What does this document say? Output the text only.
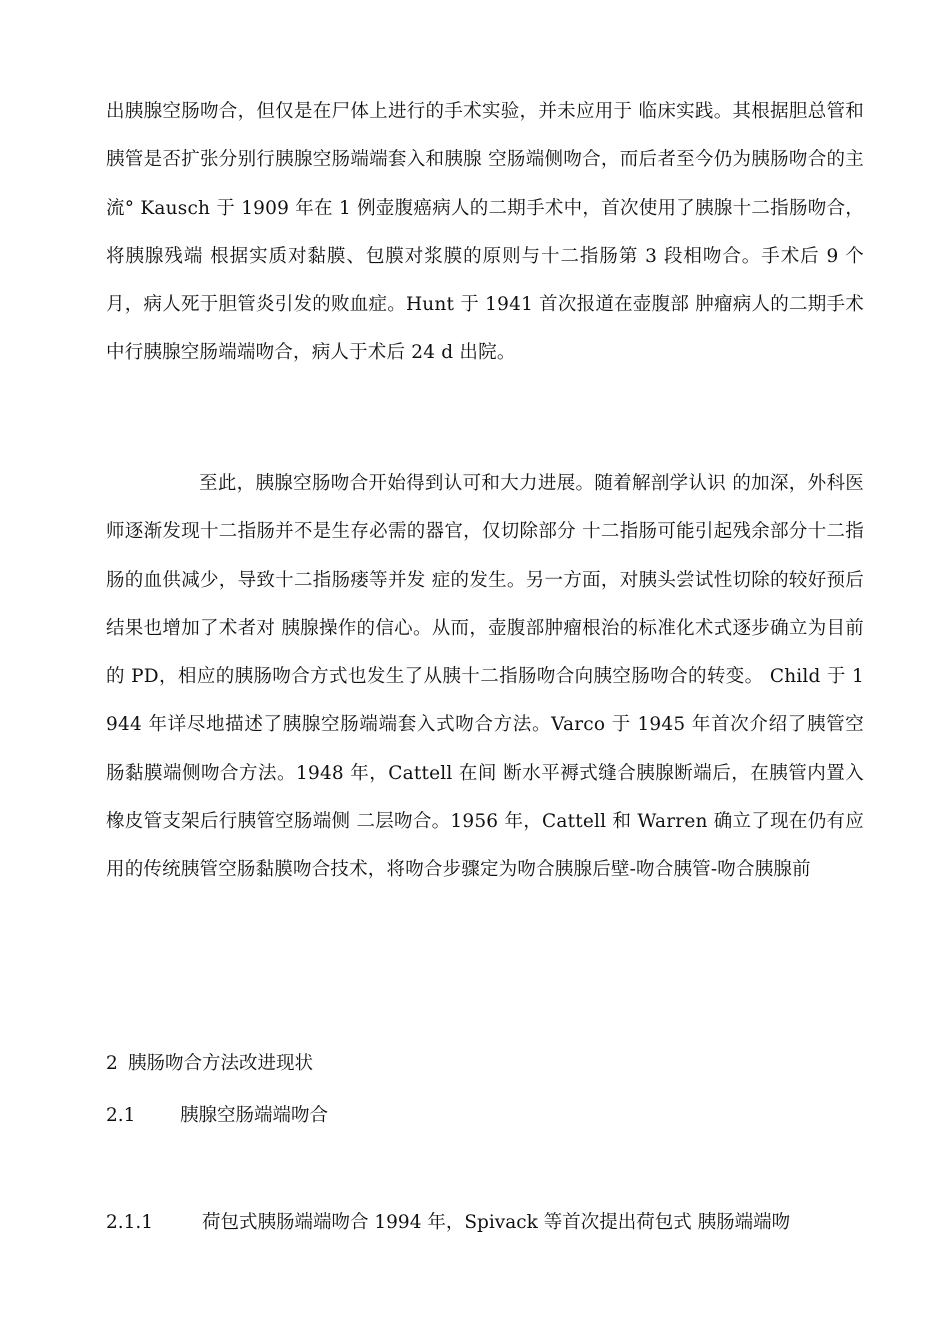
出胰腺空肠吻合，但仅是在尸体上进行的手术实验，并未应用于 临床实践。其根据胆总管和胰管是否扩张分别行胰腺空肠端端套入和胰腺 空肠端侧吻合，而后者至今仍为胰肠吻合的主流° Kausch 于 1909 年在 1 例壶腹癌病人的二期手术中，首次使用了胰腺十二指肠吻合，将胰腺残端 根据实质对黏膜、包膜对浆膜的原则与十二指肠第 3 段相吻合。手术后 9 个月，病人死于胆管炎引发的败血症。Hunt 于 1941 首次报道在壶腹部 肿瘤病人的二期手术中行胰腺空肠端端吻合，病人于术后 24 d 出院。

至此，胰腺空肠吻合开始得到认可和大力进展。随着解剖学认识 的加深，外科医师逐渐发现十二指肠并不是生存必需的器官，仅切除部分 十二指肠可能引起残余部分十二指肠的血供减少，导致十二指肠瘘等并发 症的发生。另一方面，对胰头尝试性切除的较好预后结果也增加了术者对 胰腺操作的信心。从而，壶腹部肿瘤根治的标准化术式逐步确立为目前的 PD，相应的胰肠吻合方式也发生了从胰十二指肠吻合向胰空肠吻合的转变。 Child 于 1944 年详尽地描述了胰腺空肠端端套入式吻合方法。Varco 于 1945 年首次介绍了胰管空肠黏膜端侧吻合方法。1948 年，Cattell 在间 断水平褥式缝合胰腺断端后，在胰管内置入橡皮管支架后行胰管空肠端侧 二层吻合。1956 年，Cattell 和 Warren 确立了现在仍有应用的传统胰管空肠黏膜吻合技术，将吻合步骤定为吻合胰腺后壁-吻合胰管-吻合胰腺前

2 胰肠吻合方法改进现状
2.1 胰腺空肠端端吻合
2.1.1	荷包式胰肠端端吻合 1994 年，Spivack 等首次提出荷包式 胰肠端端吻
